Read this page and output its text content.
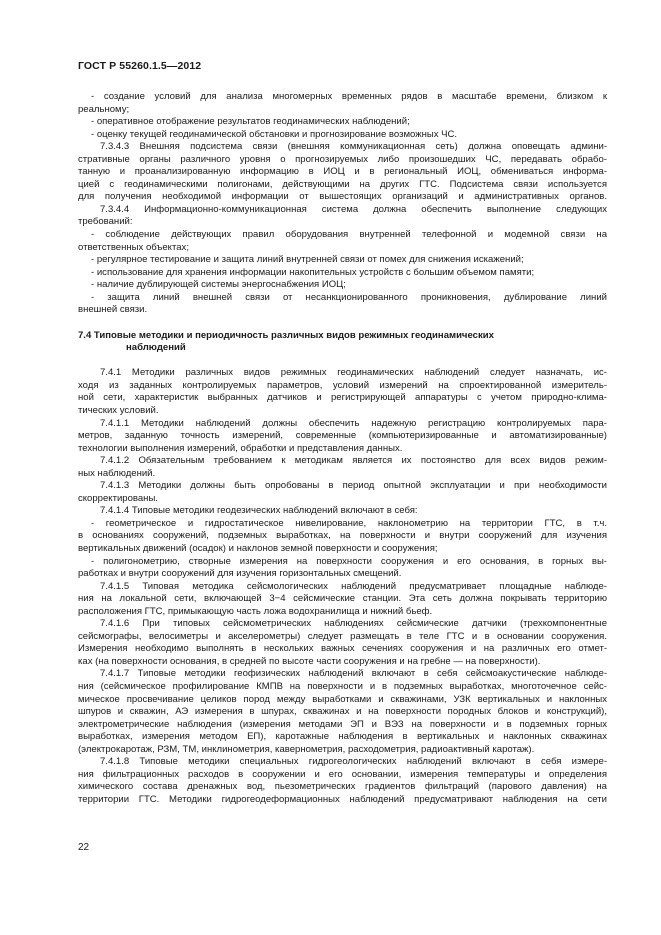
ГОСТ Р 55260.1.5—2012
- создание условий для анализа многомерных временных рядов в масштабе времени, близком к
реальному;
- оперативное отображение результатов геодинамических наблюдений;
- оценку текущей геодинамической обстановки и прогнозирование возможных ЧС.
7.3.4.3 Внешняя подсистема связи (внешняя коммуникационная сеть) должна оповещать админи-
стративные органы различного уровня о прогнозируемых либо произошедших ЧС, передавать обрабо-
танную и проанализированную информацию в ИОЦ и в региональный ИОЦ, обмениваться информа-
цией с геодинамическими полигонами, действующими на других ГТС. Подсистема связи используется
для получения необходимой информации от вышестоящих организаций и административных органов.
7.3.4.4 Информационно-коммуникационная система должна обеспечить выполнение следующих
требований:
- соблюдение действующих правил оборудования внутренней телефонной и модемной связи на
ответственных объектах;
- регулярное тестирование и защита линий внутренней связи от помех для снижения искажений;
- использование для хранения информации накопительных устройств с большим объемом памяти;
- наличие дублирующей системы энергоснабжения ИОЦ;
- защита линий внешней связи от несанкционированного проникновения, дублирование линий
внешней связи.
7.4 Типовые методики и периодичность различных видов режимных геодинамических
наблюдений
7.4.1 Методики различных видов режимных геодинамических наблюдений следует назначать, ис-
ходя из заданных контролируемых параметров, условий измерений на спроектированной измеритель-
ной сети, характеристик выбранных датчиков и регистрирующей аппаратуры с учетом природно-клима-
тических условий.
7.4.1.1 Методики наблюдений должны обеспечить надежную регистрацию контролируемых пара-
метров, заданную точность измерений, современные (компьютеризированные и автоматизированные)
технологии выполнения измерений, обработки и представления данных.
7.4.1.2 Обязательным требованием к методикам является их постоянство для всех видов режим-
ных наблюдений.
7.4.1.3 Методики должны быть опробованы в период опытной эксплуатации и при необходимости
скорректированы.
7.4.1.4 Типовые методики геодезических наблюдений включают в себя:
- геометрическое и гидростатическое нивелирование, наклонометрию на территории ГТС, в т.ч.
в основаниях сооружений, подземных выработках, на поверхности и внутри сооружений для изучения
вертикальных движений (осадок) и наклонов земной поверхности и сооружения;
- полигонометрию, створные измерения на поверхности сооружения и его основания, в горных вы-
работках и внутри сооружений для изучения горизонтальных смещений.
7.4.1.5 Типовая методика сейсмологических наблюдений предусматривает площадные наблюде-
ния на локальной сети, включающей 3−4 сейсмические станции. Эта сеть должна покрывать территорию
расположения ГТС, примыкающую часть ложа водохранилища и нижний бьеф.
7.4.1.6 При типовых сейсмометрических наблюдениях сейсмические датчики (трехкомпонентные
сейсмографы, велосиметры и акселерометры) следует размещать в теле ГТС и в основании сооружения.
Измерения необходимо выполнять в нескольких важных сечениях сооружения и на различных его отмет-
ках (на поверхности основания, в средней по высоте части сооружения и на гребне — на поверхности).
7.4.1.7 Типовые методики геофизических наблюдений включают в себя сейсмоакустические наблюде-
ния (сейсмическое профилирование КМПВ на поверхности и в подземных выработках, многоточечное сейс-
мическое просвечивание целиков пород между выработками и скважинами, УЗК вертикальных и наклонных
шпуров и скважин, АЭ измерения в шпурах, скважинах и на поверхности породных блоков и конструкций),
электрометрические наблюдения (измерения методами ЭП и ВЭЗ на поверхности и в подземных горных
выработках, измерения методом ЕП), каротажные наблюдения в вертикальных и наклонных скважинах
(электрокаротаж, РЗМ, ТМ, инклинометрия, кавернометрия, расходометрия, радиоактивный каротаж).
7.4.1.8 Типовые методики специальных гидрогеологических наблюдений включают в себя измере-
ния фильтрационных расходов в сооружении и его основании, измерения температуры и определения
химического состава дренажных вод, пьезометрических градиентов фильтраций (парового давления) на
территории ГТС. Методики гидрогеодеформационных наблюдений предусматривают наблюдения на сети
22
